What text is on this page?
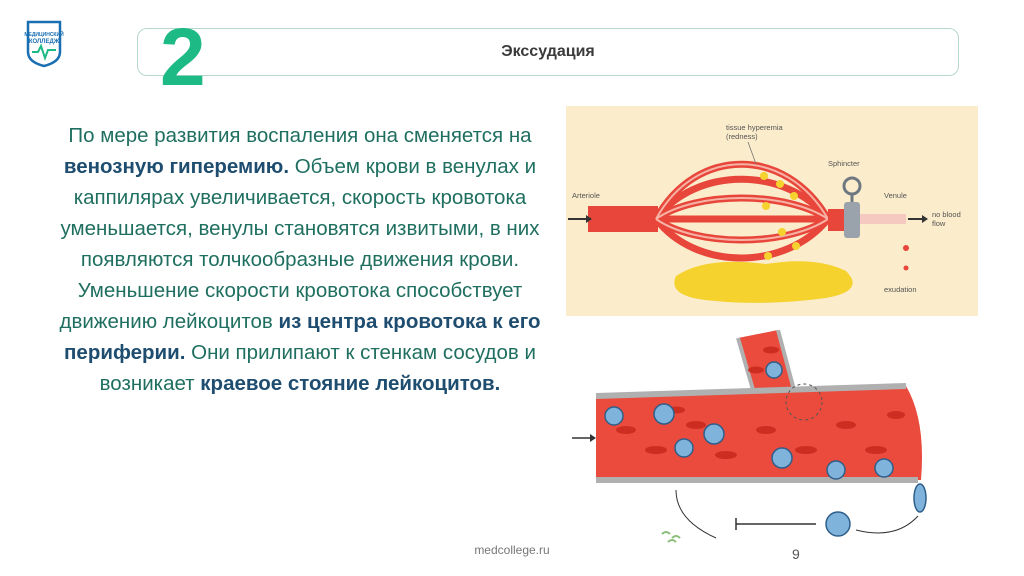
МЕДИЦИНСКИЙ
КОЛЛЕДЖ
Экссудация
2
По мере развития воспаления она сменяется на венозную гиперемию. Объем крови в венулах и каппилярах увеличивается, скорость кровотока уменьшается, венулы становятся извитыми, в них появляются толчкообразные движения крови. Уменьшение скорости кровотока способствует движению лейкоцитов из центра кровотока к его периферии. Они прилипают к стенкам сосудов и возникает краевое стояние лейкоцитов.
tissue hyperemia
(redness)
Sphincter
Arteriole	Venule
no blood
flow
exudation
medcollege.ru	9
